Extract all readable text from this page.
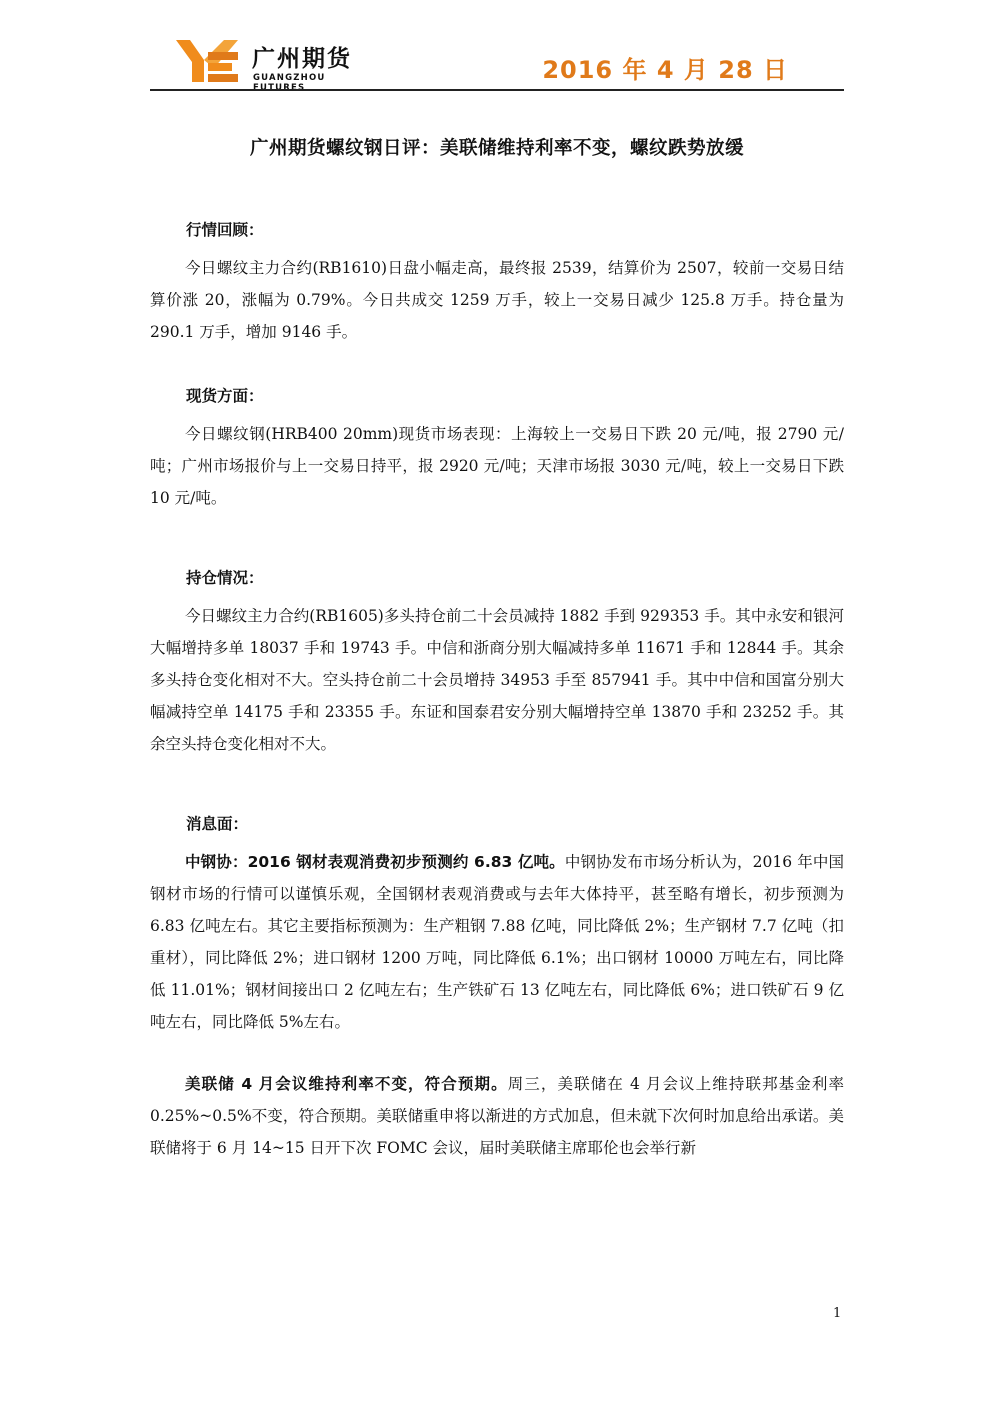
广州期货
GUANGZHOU FUTURES
2016 年 4 月 28 日
广州期货螺纹钢日评：美联储维持利率不变，螺纹跌势放缓
行情回顾：

今日螺纹主力合约(RB1610)日盘小幅走高，最终报 2539，结算价为 2507，较前一交易日结算价涨 20，涨幅为 0.79%。今日共成交 1259 万手，较上一交易日减少 125.8 万手。持仓量为 290.1 万手，增加 9146 手。

现货方面：

今日螺纹钢(HRB400 20mm)现货市场表现：上海较上一交易日下跌 20 元/吨，报 2790 元/吨；广州市场报价与上一交易日持平，报 2920 元/吨；天津市场报 3030 元/吨，较上一交易日下跌 10 元/吨。

持仓情况：

今日螺纹主力合约(RB1605)多头持仓前二十会员减持 1882 手到 929353 手。其中永安和银河大幅增持多单 18037 手和 19743 手。中信和浙商分别大幅减持多单 11671 手和 12844 手。其余多头持仓变化相对不大。空头持仓前二十会员增持 34953 手至 857941 手。其中中信和国富分别大幅减持空单 14175 手和 23355 手。东证和国泰君安分别大幅增持空单 13870 手和 23252 手。其余空头持仓变化相对不大。

消息面：

中钢协：2016 钢材表观消费初步预测约 6.83 亿吨。中钢协发布市场分析认为，2016 年中国钢材市场的行情可以谨慎乐观，全国钢材表观消费或与去年大体持平，甚至略有增长，初步预测为 6.83 亿吨左右。其它主要指标预测为：生产粗钢 7.88 亿吨，同比降低 2%；生产钢材 7.7 亿吨（扣重材），同比降低 2%；进口钢材 1200 万吨，同比降低 6.1%；出口钢材 10000 万吨左右，同比降低 11.01%；钢材间接出口 2 亿吨左右；生产铁矿石 13 亿吨左右，同比降低 6%；进口铁矿石 9 亿吨左右，同比降低 5%左右。

美联储 4 月会议维持利率不变，符合预期。周三，美联储在 4 月会议上维持联邦基金利率 0.25%~0.5%不变，符合预期。美联储重申将以渐进的方式加息，但未就下次何时加息给出承诺。美联储将于 6 月 14~15 日开下次 FOMC 会议，届时美联储主席耶伦也会举行新

1
